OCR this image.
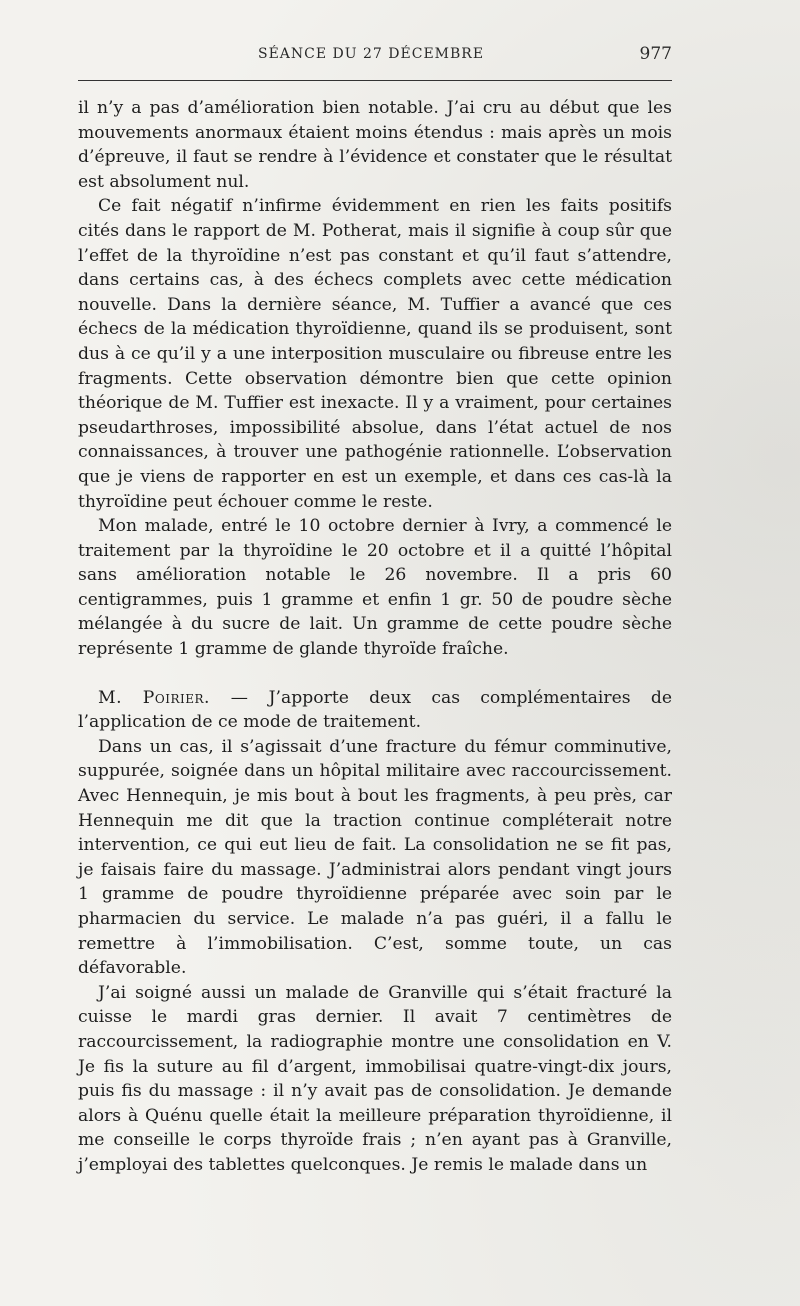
SÉANCE DU 27 DÉCEMBRE	977

il n’y a pas d’amélioration bien notable. J’ai cru au début que les mouvements anormaux étaient moins étendus : mais après un mois d’épreuve, il faut se rendre à l’évidence et constater que le résultat est absolument nul.

Ce fait négatif n’infirme évidemment en rien les faits positifs cités dans le rapport de M. Potherat, mais il signifie à coup sûr que l’effet de la thyroïdine n’est pas constant et qu’il faut s’attendre, dans certains cas, à des échecs complets avec cette médication nouvelle. Dans la dernière séance, M. Tuffier a avancé que ces échecs de la médication thyroïdienne, quand ils se produisent, sont dus à ce qu’il y a une interposition musculaire ou fibreuse entre les fragments. Cette observation démontre bien que cette opinion théorique de M. Tuffier est inexacte. Il y a vraiment, pour certaines pseudarthroses, impossibilité absolue, dans l’état actuel de nos connaissances, à trouver une pathogénie rationnelle. L’observation que je viens de rapporter en est un exemple, et dans ces cas-là la thyroïdine peut échouer comme le reste.

Mon malade, entré le 10 octobre dernier à Ivry, a commencé le traitement par la thyroïdine le 20 octobre et il a quitté l’hôpital sans amélioration notable le 26 novembre. Il a pris 60 centigrammes, puis 1 gramme et enfin 1 gr. 50 de poudre sèche mélangée à du sucre de lait. Un gramme de cette poudre sèche représente 1 gramme de glande thyroïde fraîche.

M. Poirier. — J’apporte deux cas complémentaires de l’application de ce mode de traitement.

Dans un cas, il s’agissait d’une fracture du fémur comminutive, suppurée, soignée dans un hôpital militaire avec raccourcissement. Avec Hennequin, je mis bout à bout les fragments, à peu près, car Hennequin me dit que la traction continue compléterait notre intervention, ce qui eut lieu de fait. La consolidation ne se fit pas, je faisais faire du massage. J’administrai alors pendant vingt jours 1 gramme de poudre thyroïdienne préparée avec soin par le pharmacien du service. Le malade n’a pas guéri, il a fallu le remettre à l’immobilisation. C’est, somme toute, un cas défavorable.

J’ai soigné aussi un malade de Granville qui s’était fracturé la cuisse le mardi gras dernier. Il avait 7 centimètres de raccourcissement, la radiographie montre une consolidation en V. Je fis la suture au fil d’argent, immobilisai quatre-vingt-dix jours, puis fis du massage : il n’y avait pas de consolidation. Je demande alors à Quénu quelle était la meilleure préparation thyroïdienne, il me conseille le corps thyroïde frais ; n’en ayant pas à Granville, j’employai des tablettes quelconques. Je remis le malade dans un
